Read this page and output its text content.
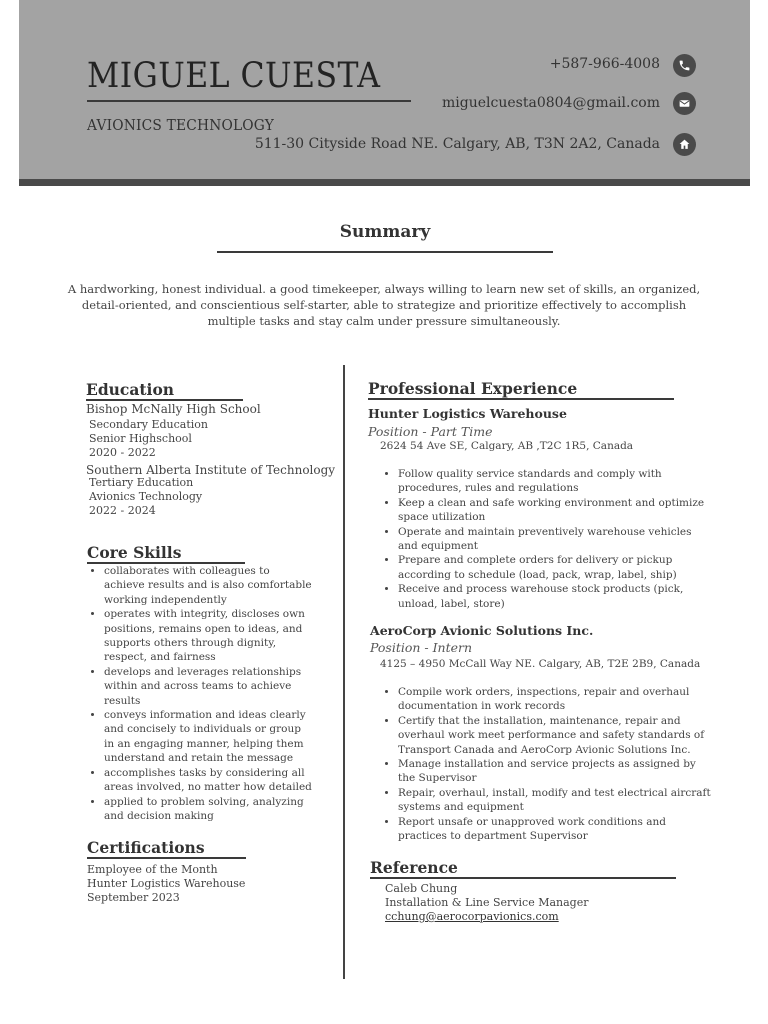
MIGUEL CUESTA
AVIONICS TECHNOLOGY
+587-966-4008
miguelcuesta0804@gmail.com
511-30 Cityside Road NE. Calgary, AB, T3N 2A2, Canada
Summary
A hardworking, honest individual. a good timekeeper, always willing to learn new set of skills, an organized, detail-oriented, and conscientious self-starter, able to strategize and prioritize effectively to accomplish multiple tasks and stay calm under pressure simultaneously.
Education
Bishop McNally High School
Secondary Education
Senior Highschool
2020 - 2022
Southern Alberta Institute of Technology
Tertiary Education
Avionics Technology
2022 - 2024
Core Skills
• collaborates with colleagues to achieve results and is also comfortable working independently
• operates with integrity, discloses own positions, remains open to ideas, and supports others through dignity, respect, and fairness
• develops and leverages relationships within and across teams to achieve results
• conveys information and ideas clearly and concisely to individuals or group in an engaging manner, helping them understand and retain the message
• accomplishes tasks by considering all areas involved, no matter how detailed
• applied to problem solving, analyzing and decision making
Certifications
Employee of the Month
Hunter Logistics Warehouse
September 2023
Professional Experience
Hunter Logistics Warehouse
Position - Part Time
2624 54 Ave SE, Calgary, AB ,T2C 1R5, Canada
• Follow quality service standards and comply with procedures, rules and regulations
• Keep a clean and safe working environment and optimize space utilization
• Operate and maintain preventively warehouse vehicles and equipment
• Prepare and complete orders for delivery or pickup according to schedule (load, pack, wrap, label, ship)
• Receive and process warehouse stock products (pick, unload, label, store)
AeroCorp Avionic Solutions Inc.
Position - Intern
4125 – 4950 McCall Way NE. Calgary, AB, T2E 2B9, Canada
• Compile work orders, inspections, repair and overhaul documentation in work records
• Certify that the installation, maintenance, repair and overhaul work meet performance and safety standards of Transport Canada and AeroCorp Avionic Solutions Inc.
• Manage installation and service projects as assigned by the Supervisor
• Repair, overhaul, install, modify and test electrical aircraft systems and equipment
• Report unsafe or unapproved work conditions and practices to department Supervisor
Reference
Caleb Chung
Installation & Line Service Manager
cchung@aerocorpavionics.com
